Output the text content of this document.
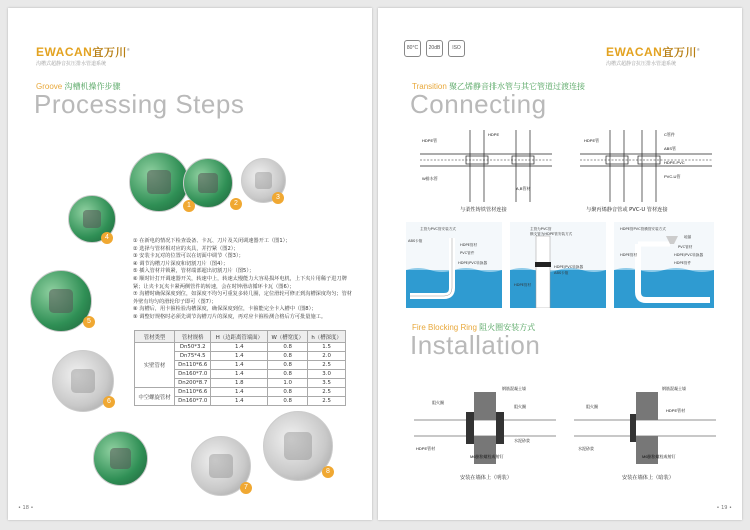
EWACAN宜万川®
沟槽式超静音抗压排水管道系统
Groove 沟槽机操作步骤
Processing Steps
1	2
3
4
5
6
7
8
① 在新电的情况下检查设备、卡瓦、刀片及关闭调速器开工（图1）；
② 选择与管材相对应的夹具，并拧紧（图2）；
③ 安装卡瓦对的位置可以在切面中调节（图3）；
④ 调节沟槽刀片深度和切割刀片（图4）；
⑤ 插入管材并锁紧，管材端部超出切割刀片（图5）；
⑥ 顺时针打开调速器开关，转速中上，转速太慢能力大容易损坏电机，上下夹片用稀子进刀牌紧；让夹卡瓦夹卡紧两侧管件的转速，会在时钟滑动循环卡瓦（图6）；
⑦ 沟槽时确保深度到位，如深度不均匀可重复多转几圈，定位滑轮可修正到沟槽深度均匀；管材外壁有均匀的滑轮印子即可（图7）；
⑧ 沟槽后，用卡箍检验沟槽深度，确保深度到位，卡箍能完全卡入槽中（图8）；
⑨ 调整好规格时必须先调节沟槽刀片的深度，再对应卡箍检测合格后方可批量施工。
管材类型	管材规格	H（边距离管端面）	W（槽宽度）	h（槽深度）
实壁管材	Dn50*3.2	1.4	0.8	1.5
	Dn75*4.5	1.4	0.8	2.0
	Dn110*6.6	1.4	0.8	2.5
	Dn160*7.0	1.4	0.8	3.0
	Dn200*8.7	1.8	1.0	3.5
中空螺旋管材	Dn110*6.6	1.4	0.8	2.5
	Dn160*7.0	1.4	0.8	2.5
• 18 •
80°C	20dB	ISO	EWACAN宜万川®
沟槽式超静音抗压排水管道系统
Transition 聚乙烯静音排水管与其它管道过渡连接
Connecting
HDPE管
HDPE
HDPE管
C管件
ABS管
HDPE-PVC
PVC-U管
W排水管
A,B管材
与柔性铸铁管材连接	与聚丙烯静音管或 PVC-U 管材连接
主管为PVC管安装方式
ABS卡箍
HDPE管材
PVC管件
HDPE/PVC转换器
主管为PVC管
横支管为HDPE管安装方式
HDPE/PVC转换器
ABS卡箍
HDPE管材
HDPE管PVC管横管安装方式
地漏
HDPE管材
PVC管材
HDPE/PVC转换器
HDPE管件
Fire Blocking Ring 阻火圈安装方式
Installation
钢筋混凝土墙
阻火圈
阻火圈
HDPE管材
M6膨胀螺栓或射钉
水泥砂浆
钢筋混凝土墙
阻火圈
HDPE管材
水泥砂浆
M6膨胀螺栓或射钉
安装在墙体上（明装）	安装在墙体上（暗装）
• 19 •
